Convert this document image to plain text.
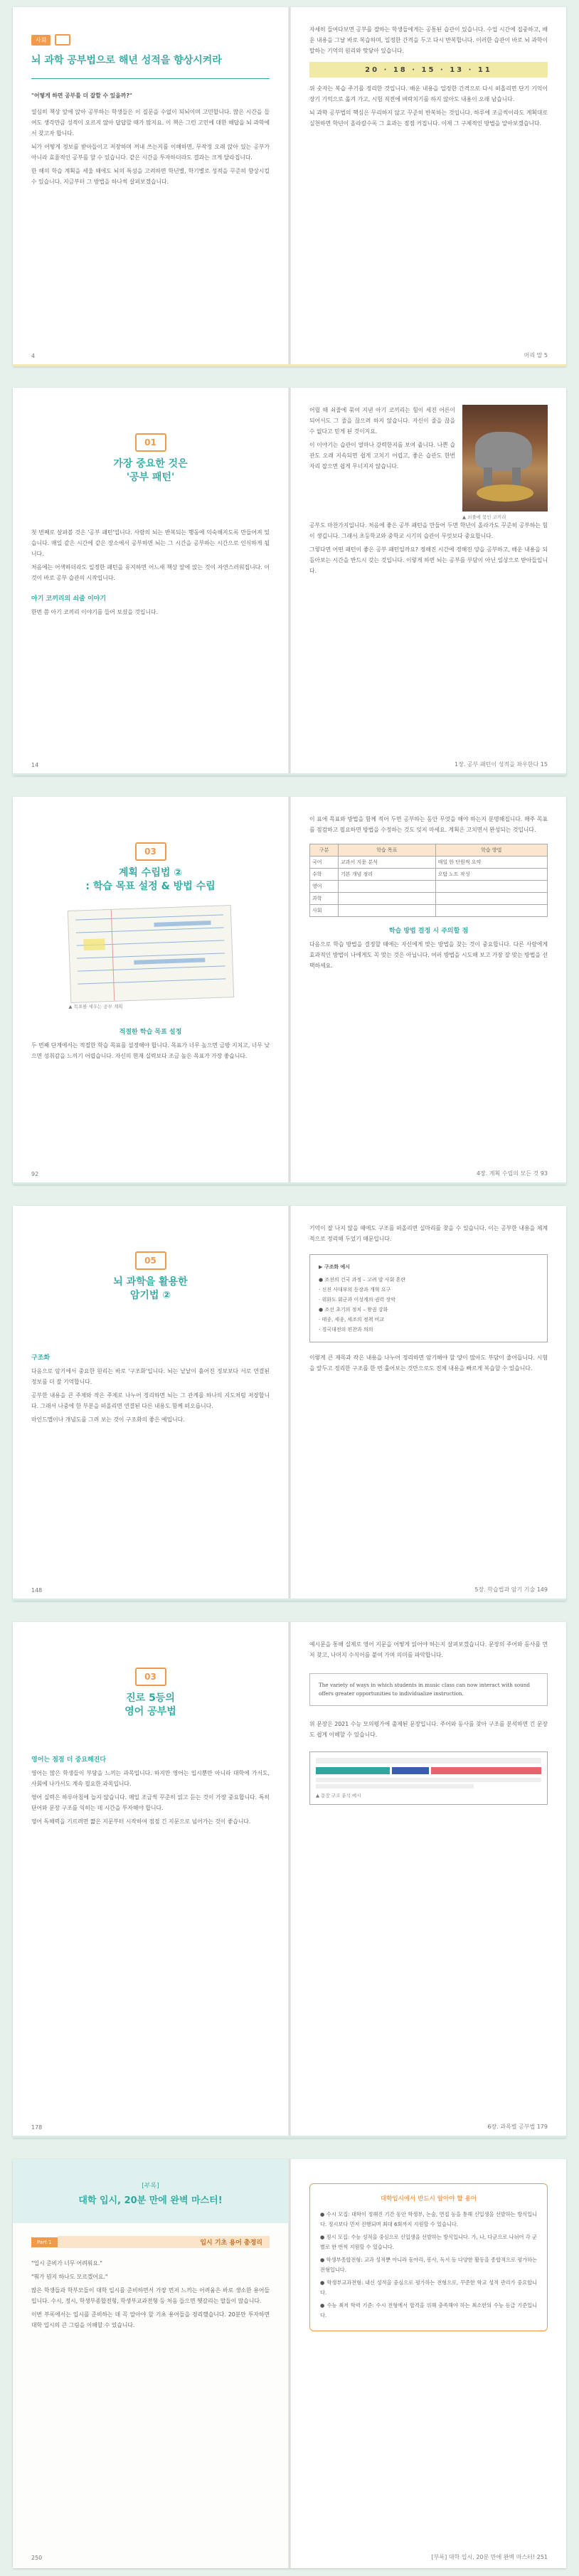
사회
뇌 과학 공부법으로 해년 성적을 향상시켜라
"어떻게 하면 공부를 더 잘할 수 있을까?"

열심히 책상 앞에 앉아 공부하는 학생들은 이 질문을 수없이 되뇌이며 고민합니다. 많은 시간을 들여도 생각만큼 성적이 오르지 않아 답답할 때가 많지요. 이 책은 그런 고민에 대한 해답을 뇌 과학에서 찾고자 합니다.

뇌가 어떻게 정보를 받아들이고 저장하며 꺼내 쓰는지를 이해하면, 무작정 오래 앉아 있는 공부가 아니라 효율적인 공부를 할 수 있습니다. 같은 시간을 투자하더라도 결과는 크게 달라집니다.

한 해의 학습 계획을 세울 때에도 뇌의 특성을 고려하면 학년별, 학기별로 성적을 꾸준히 향상시킬 수 있습니다. 지금부터 그 방법을 하나씩 살펴보겠습니다.

4

자세히 들여다보면 공부를 잘하는 학생들에게는 공통된 습관이 있습니다. 수업 시간에 집중하고, 배운 내용을 그날 바로 복습하며, 일정한 간격을 두고 다시 반복합니다. 이러한 습관이 바로 뇌 과학이 말하는 기억의 원리와 맞닿아 있습니다.

20 · 18 · 15 · 13 · 11

위 숫자는 복습 주기를 정리한 것입니다. 배운 내용을 일정한 간격으로 다시 떠올리면 단기 기억이 장기 기억으로 옮겨 가고, 시험 직전에 벼락치기를 하지 않아도 내용이 오래 남습니다.

뇌 과학 공부법의 핵심은 무리하지 않고 꾸준히 반복하는 것입니다. 하루에 조금씩이라도 계획대로 실천하면 학년이 올라갈수록 그 효과는 점점 커집니다. 이제 그 구체적인 방법을 알아보겠습니다.

머리 말 5
01
가장 중요한 것은
'공부 패턴'

첫 번째로 살펴볼 것은 '공부 패턴'입니다. 사람의 뇌는 반복되는 행동에 익숙해지도록 만들어져 있습니다. 매일 같은 시간에 같은 장소에서 공부하면 뇌는 그 시간을 공부하는 시간으로 인식하게 됩니다.

처음에는 어색하더라도 일정한 패턴을 유지하면 어느새 책상 앞에 앉는 것이 자연스러워집니다. 이것이 바로 공부 습관의 시작입니다.

아기 코끼리의 쇠줄 이야기
한번 쯤 아기 코끼리 이야기를 들어 보셨을 것입니다.
14

어릴 때 쇠줄에 묶여 지낸 아기 코끼리는 힘이 세진 어른이 되어서도 그 줄을 끊으려 하지 않습니다. 자신이 줄을 끊을 수 없다고 믿게 된 것이지요.

이 이야기는 습관이 얼마나 강력한지를 보여 줍니다. 나쁜 습관도 오래 지속되면 쉽게 고치기 어렵고, 좋은 습관도 한번 자리 잡으면 쉽게 무너지지 않습니다.

▲ 쇠줄에 묶인 코끼리

공부도 마찬가지입니다. 처음에 좋은 공부 패턴을 만들어 두면 학년이 올라가도 꾸준히 공부하는 힘이 생깁니다. 그래서 초등학교와 중학교 시기의 습관이 무엇보다 중요합니다.

그렇다면 어떤 패턴이 좋은 공부 패턴일까요? 정해진 시간에 정해진 양을 공부하고, 배운 내용을 되돌아보는 시간을 반드시 갖는 것입니다. 이렇게 하면 뇌는 공부를 부담이 아닌 일상으로 받아들입니다.

1장. 공부 패턴이 성적을 좌우한다 15
03
계획 수립법 ②
: 학습 목표 설정 & 방법 수립
▲ 목표를 세우는 공부 계획
적절한 학습 목표 설정

두 번째 단계에서는 적절한 학습 목표를 설정해야 합니다. 목표가 너무 높으면 금방 지치고, 너무 낮으면 성취감을 느끼기 어렵습니다. 자신의 현재 실력보다 조금 높은 목표가 가장 좋습니다.

92

이 표에 목표와 방법을 함께 적어 두면 공부하는 동안 무엇을 해야 하는지 분명해집니다. 매주 목표를 점검하고 필요하면 방법을 수정하는 것도 잊지 마세요. 계획은 고치면서 완성되는 것입니다.

구분	학습 목표	학습 방법
국어	교과서 지문 분석	매일 한 단원씩 요약
수학	기본 개념 정리	오답 노트 작성
영어		
과학		
사회		
학습 방법 결정 시 주의할 점

다음으로 학습 방법을 결정할 때에는 자신에게 맞는 방법을 찾는 것이 중요합니다. 다른 사람에게 효과적인 방법이 나에게도 꼭 맞는 것은 아닙니다. 여러 방법을 시도해 보고 가장 잘 맞는 방법을 선택하세요.

4장. 계획 수립의 모든 것 93
05
뇌 과학을 활용한
암기법 ②
구조화

다음으로 암기에서 중요한 원리는 바로 '구조화'입니다. 뇌는 낱낱이 흩어진 정보보다 서로 연결된 정보를 더 잘 기억합니다.

공부한 내용을 큰 주제와 작은 주제로 나누어 정리하면 뇌는 그 관계를 하나의 지도처럼 저장합니다. 그래서 나중에 한 부분을 떠올리면 연결된 다른 내용도 함께 떠오릅니다.

마인드맵이나 개념도를 그려 보는 것이 구조화의 좋은 예입니다.

148

기억이 잘 나지 않을 때에도 구조를 떠올리면 실마리를 찾을 수 있습니다. 이는 공부한 내용을 체계적으로 정리해 두었기 때문입니다.

▶ 구조화 예시
● 조선의 건국 과정 – 고려 말 사회 혼란
· 신진 사대부의 등장과 개혁 요구
· 위화도 회군과 이성계의 권력 장악
● 조선 초기의 정치 – 왕권 강화
· 태종, 세종, 세조의 정책 비교
· 경국대전의 편찬과 의의

이렇게 큰 제목과 작은 내용을 나누어 정리하면 암기해야 할 양이 많아도 부담이 줄어듭니다. 시험을 앞두고 정리한 구조를 한 번 훑어보는 것만으로도 전체 내용을 빠르게 복습할 수 있습니다.

5장. 학습법과 암기 기술 149
03
진로 5등의
영어 공부법
영어는 점점 더 중요해진다

영어는 많은 학생들이 부담을 느끼는 과목입니다. 하지만 영어는 입시뿐만 아니라 대학에 가서도, 사회에 나가서도 계속 필요한 과목입니다.

영어 실력은 하루아침에 늘지 않습니다. 매일 조금씩 꾸준히 읽고 듣는 것이 가장 중요합니다. 특히 단어와 문장 구조를 익히는 데 시간을 투자해야 합니다.

영어 독해력을 기르려면 짧은 지문부터 시작하여 점점 긴 지문으로 넘어가는 것이 좋습니다.

178

예시문을 통해 실제로 영어 지문을 어떻게 읽어야 하는지 살펴보겠습니다. 문장의 주어와 동사를 먼저 찾고, 나머지 수식어를 붙여 가며 의미를 파악합니다.

The variety of ways in which students in music class can now interact with sound offers greater opportunities to individualize instruction.

위 문장은 2021 수능 모의평가에 출제된 문장입니다. 주어와 동사를 찾아 구조를 분석하면 긴 문장도 쉽게 이해할 수 있습니다.

▲ 문장 구조 분석 예시
6장. 과목별 공부법 179
[부록]
대학 입시, 20분 만에 완벽 마스터!
Part 1	입시 기초 용어 총정리

"입시 준비가 너무 어려워요."

"뭐가 뭔지 하나도 모르겠어요."

많은 학생들과 학부모들이 대학 입시를 준비하면서 가장 먼저 느끼는 어려움은 바로 생소한 용어들입니다. 수시, 정시, 학생부종합전형, 학생부교과전형 등 처음 들으면 헷갈리는 말들이 많습니다.

이번 부록에서는 입시를 준비하는 데 꼭 알아야 할 기초 용어들을 정리했습니다. 20분만 투자하면 대학 입시의 큰 그림을 이해할 수 있습니다.

250
대학입시에서 반드시 알아야 할 용어

● 수시 모집: 대학이 정해진 기간 동안 학생부, 논술, 면접 등을 통해 신입생을 선발하는 방식입니다. 정시보다 먼저 진행되며 최대 6회까지 지원할 수 있습니다.

● 정시 모집: 수능 성적을 중심으로 신입생을 선발하는 방식입니다. 가, 나, 다군으로 나뉘어 각 군별로 한 번씩 지원할 수 있습니다.

● 학생부종합전형: 교과 성적뿐 아니라 동아리, 봉사, 독서 등 다양한 활동을 종합적으로 평가하는 전형입니다.

● 학생부교과전형: 내신 성적을 중심으로 평가하는 전형으로, 꾸준한 학교 성적 관리가 중요합니다.

● 수능 최저 학력 기준: 수시 전형에서 합격을 위해 충족해야 하는 최소한의 수능 등급 기준입니다.

[부록] 대학 입시, 20분 만에 완벽 마스터! 251
